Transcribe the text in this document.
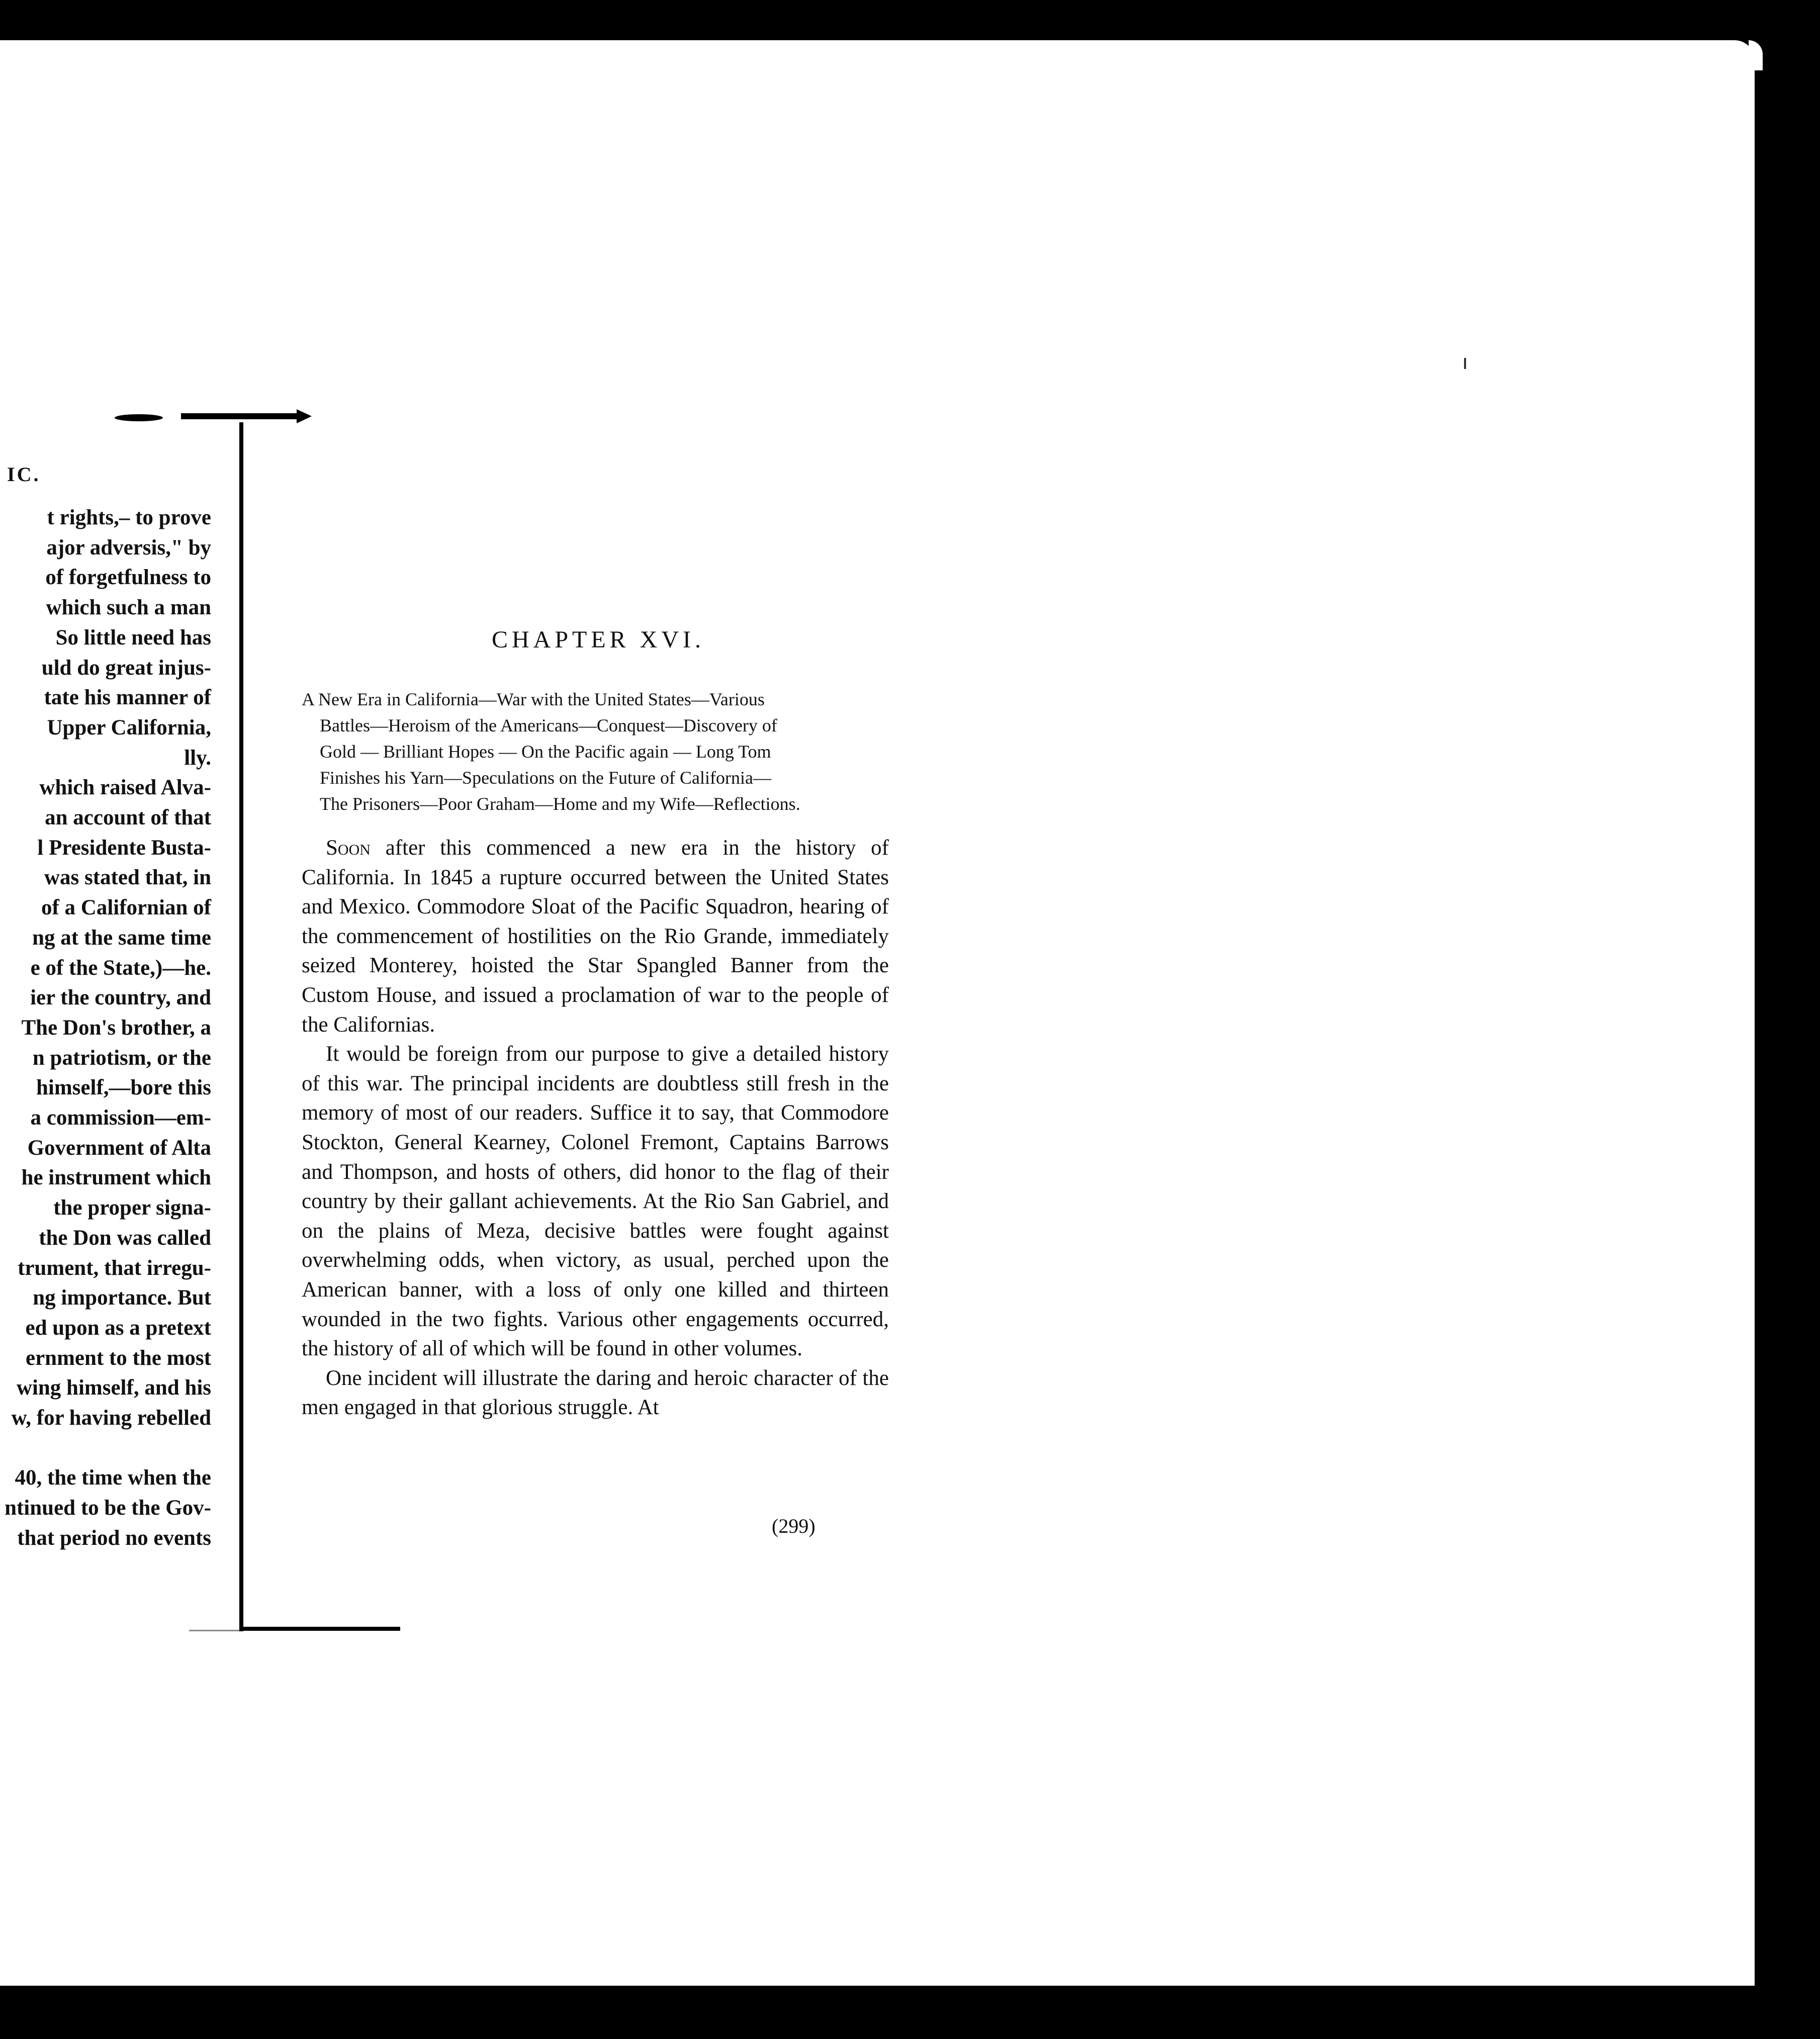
IC.
t rights,– to prove
ajor adversis," by
of forgetfulness to
which such a man
So little need has
uld do great injus-
tate his manner of
Upper California,
lly.
which raised Alva-
an account of that
l Presidente Busta-
was stated that, in
of a Californian of
ng at the same time
e of the State,)—he.
ier the country, and
The Don's brother, a
n patriotism, or the
himself,—bore this
a commission—em-
Government of Alta
he instrument which
the proper signa-
the Don was called
trument, that irregu-
ng importance. But
ed upon as a pretext
ernment to the most
wing himself, and his
w, for having rebelled
40, the time when the
ntinued to be the Gov-
that period no events
CHAPTER XVI.
A New Era in California—War with the United States—Various
Battles—Heroism of the Americans—Conquest—Discovery of
Gold — Brilliant Hopes — On the Pacific again — Long Tom
Finishes his Yarn—Speculations on the Future of California—
The Prisoners—Poor Graham—Home and my Wife—Reflections.

Soon after this commenced a new era in the history of California. In 1845 a rupture occurred between the United States and Mexico. Commodore Sloat of the Pacific Squadron, hearing of the commencement of hostilities on the Rio Grande, immediately seized Monterey, hoisted the Star Spangled Banner from the Custom House, and issued a proclamation of war to the people of the Californias.

It would be foreign from our purpose to give a detailed history of this war. The principal incidents are doubtless still fresh in the memory of most of our readers. Suffice it to say, that Commodore Stockton, General Kearney, Colonel Fremont, Captains Barrows and Thompson, and hosts of others, did honor to the flag of their country by their gallant achievements. At the Rio San Gabriel, and on the plains of Meza, decisive battles were fought against overwhelming odds, when victory, as usual, perched upon the American banner, with a loss of only one killed and thirteen wounded in the two fights. Various other engagements occurred, the history of all of which will be found in other volumes.

One incident will illustrate the daring and heroic character of the men engaged in that glorious struggle. At

(299)
